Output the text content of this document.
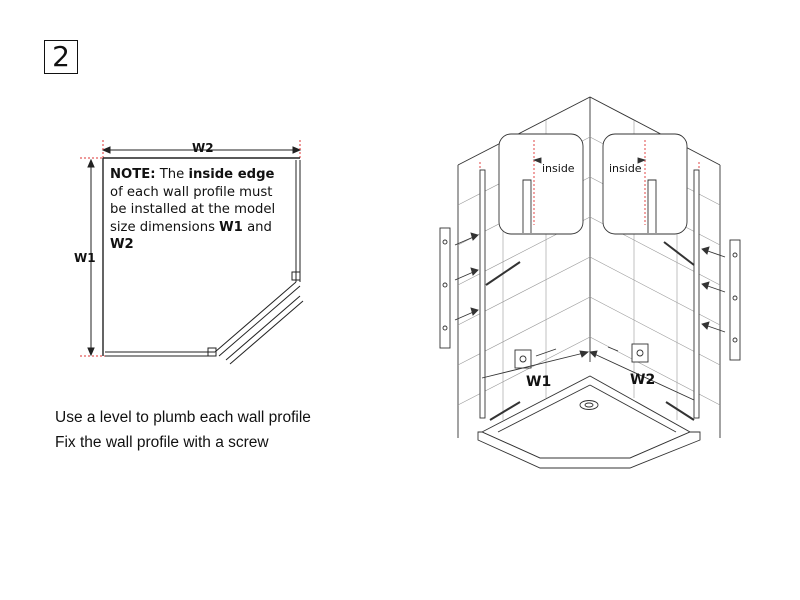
2
inside	inside
W1	W2
W2
W1
NOTE: The inside edge of each wall profile must be installed at the model size dimensions W1 and W2
Use a level to plumb each wall profile
Fix the wall profile with a screw
